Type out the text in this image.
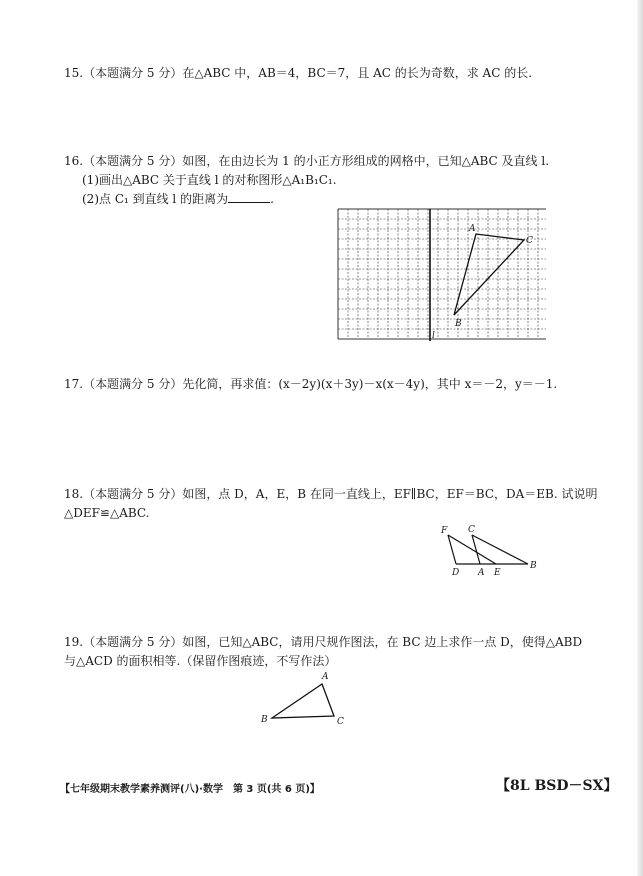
15.（本题满分 5 分）在△ABC 中，AB＝4，BC＝7，且 AC 的长为奇数，求 AC 的长.

16.（本题满分 5 分）如图，在由边长为 1 的小正方形组成的网格中，已知△ABC 及直线 l.

(1)画出△ABC 关于直线 l 的对称图形△A₁B₁C₁.

(2)点 C₁ 到直线 l 的距离为	.

A
C
B
l

17.（本题满分 5 分）先化简，再求值：(x－2y)(x＋3y)－x(x－4y)，其中 x＝－2，y＝－1.

18.（本题满分 5 分）如图，点 D，A，E，B 在同一直线上，EF∥BC，EF＝BC，DA＝EB. 试说明

△DEF≌△ABC.

F C
D A E
B

19.（本题满分 5 分）如图，已知△ABC，请用尺规作图法，在 BC 边上求作一点 D，使得△ABD

与△ACD 的面积相等.（保留作图痕迹，不写作法）

A
B	C
【七年级期末教学素养测评(八)·数学　第 3 页(共 6 页)】	【8L BSD－SX】
